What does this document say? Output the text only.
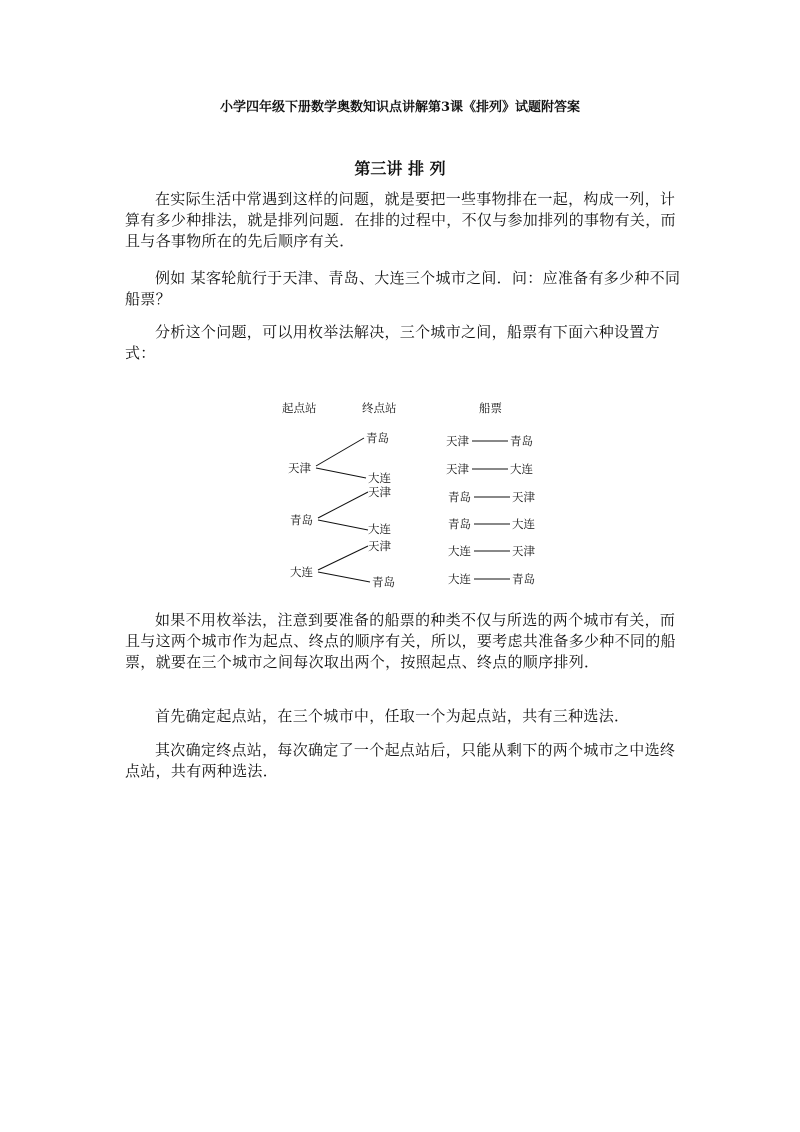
小学四年级下册数学奥数知识点讲解第3课《排列》试题附答案
第三讲 排 列
在实际生活中常遇到这样的问题，就是要把一些事物排在一起，构成一列，计算有多少种排法，就是排列问题．在排的过程中，不仅与参加排列的事物有关，而且与各事物所在的先后顺序有关．
例如 某客轮航行于天津、青岛、大连三个城市之间．问：应准备有多少种不同船票？
分析这个问题，可以用枚举法解决，三个城市之间，船票有下面六种设置方式：
起点站	终点站	船票
天津
青岛
大连
青岛
天津
大连
大连
天津
青岛
天津	青岛
天津	大连
青岛	天津
青岛	大连
大连	天津
大连	青岛
如果不用枚举法，注意到要准备的船票的种类不仅与所选的两个城市有关，而且与这两个城市作为起点、终点的顺序有关，所以，要考虑共准备多少种不同的船票，就要在三个城市之间每次取出两个，按照起点、终点的顺序排列．
首先确定起点站，在三个城市中，任取一个为起点站，共有三种选法．
其次确定终点站，每次确定了一个起点站后，只能从剩下的两个城市之中选终点站，共有两种选法．
